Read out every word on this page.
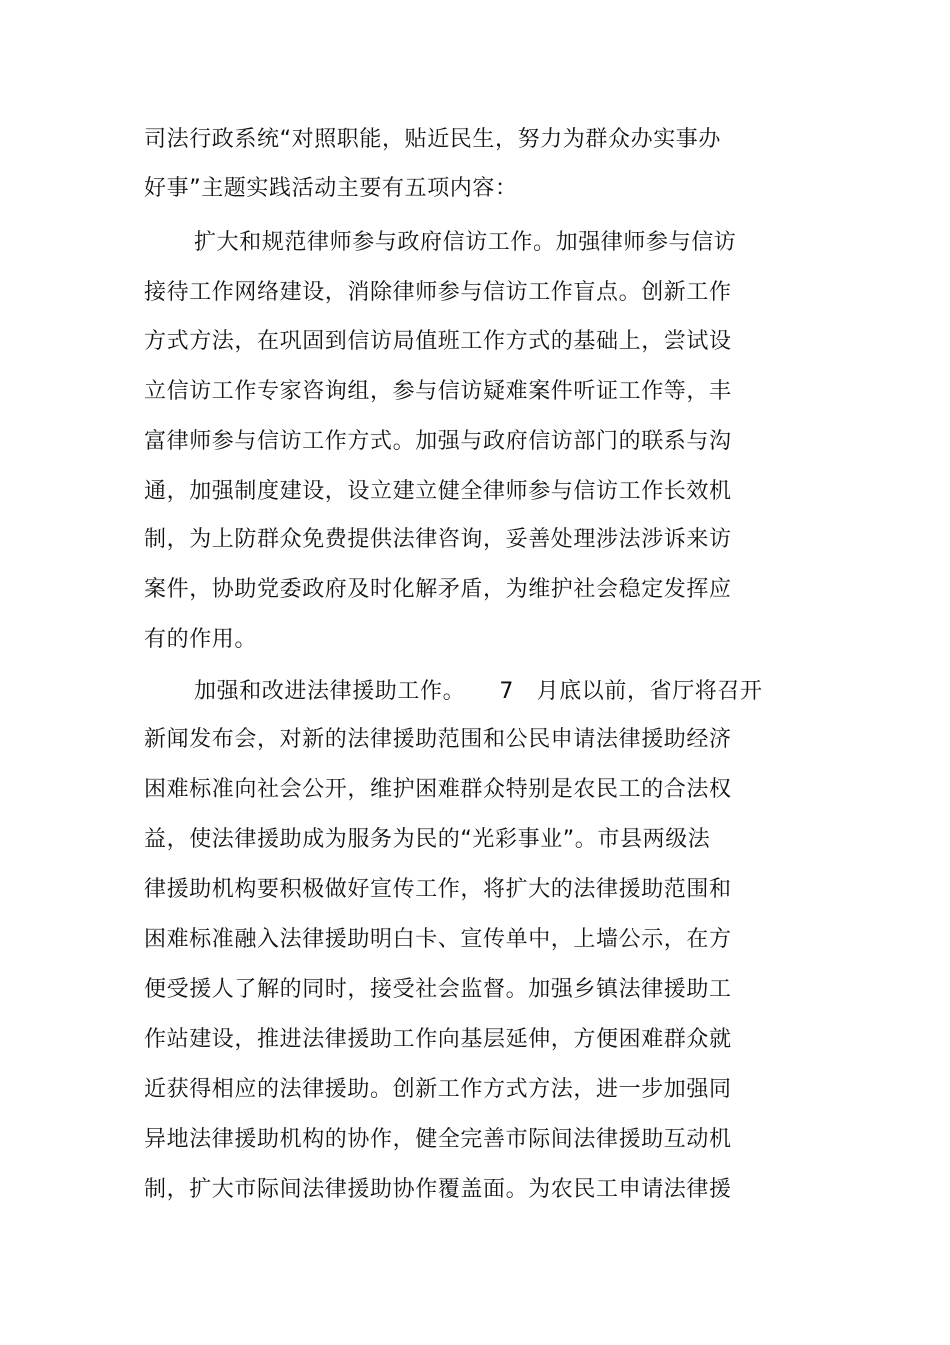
司法行政系统“对照职能，贴近民生，努力为群众办实事办

好事”主题实践活动主要有五项内容：

扩大和规范律师参与政府信访工作。加强律师参与信访

接待工作网络建设，消除律师参与信访工作盲点。创新工作

方式方法，在巩固到信访局值班工作方式的基础上，尝试设

立信访工作专家咨询组，参与信访疑难案件听证工作等，丰

富律师参与信访工作方式。加强与政府信访部门的联系与沟

通，加强制度建设，设立建立健全律师参与信访工作长效机

制，为上防群众免费提供法律咨询，妥善处理涉法涉诉来访

案件，协助党委政府及时化解矛盾，为维护社会稳定发挥应

有的作用。

加强和改进法律援助工作。　　7　月底以前，省厅将召开

新闻发布会，对新的法律援助范围和公民申请法律援助经济

困难标准向社会公开，维护困难群众特别是农民工的合法权

益，使法律援助成为服务为民的“光彩事业”。市县两级法

律援助机构要积极做好宣传工作，将扩大的法律援助范围和

困难标准融入法律援助明白卡、宣传单中，上墙公示，在方

便受援人了解的同时，接受社会监督。加强乡镇法律援助工

作站建设，推进法律援助工作向基层延伸，方便困难群众就

近获得相应的法律援助。创新工作方式方法，进一步加强同

异地法律援助机构的协作，健全完善市际间法律援助互动机

制，扩大市际间法律援助协作覆盖面。为农民工申请法律援
